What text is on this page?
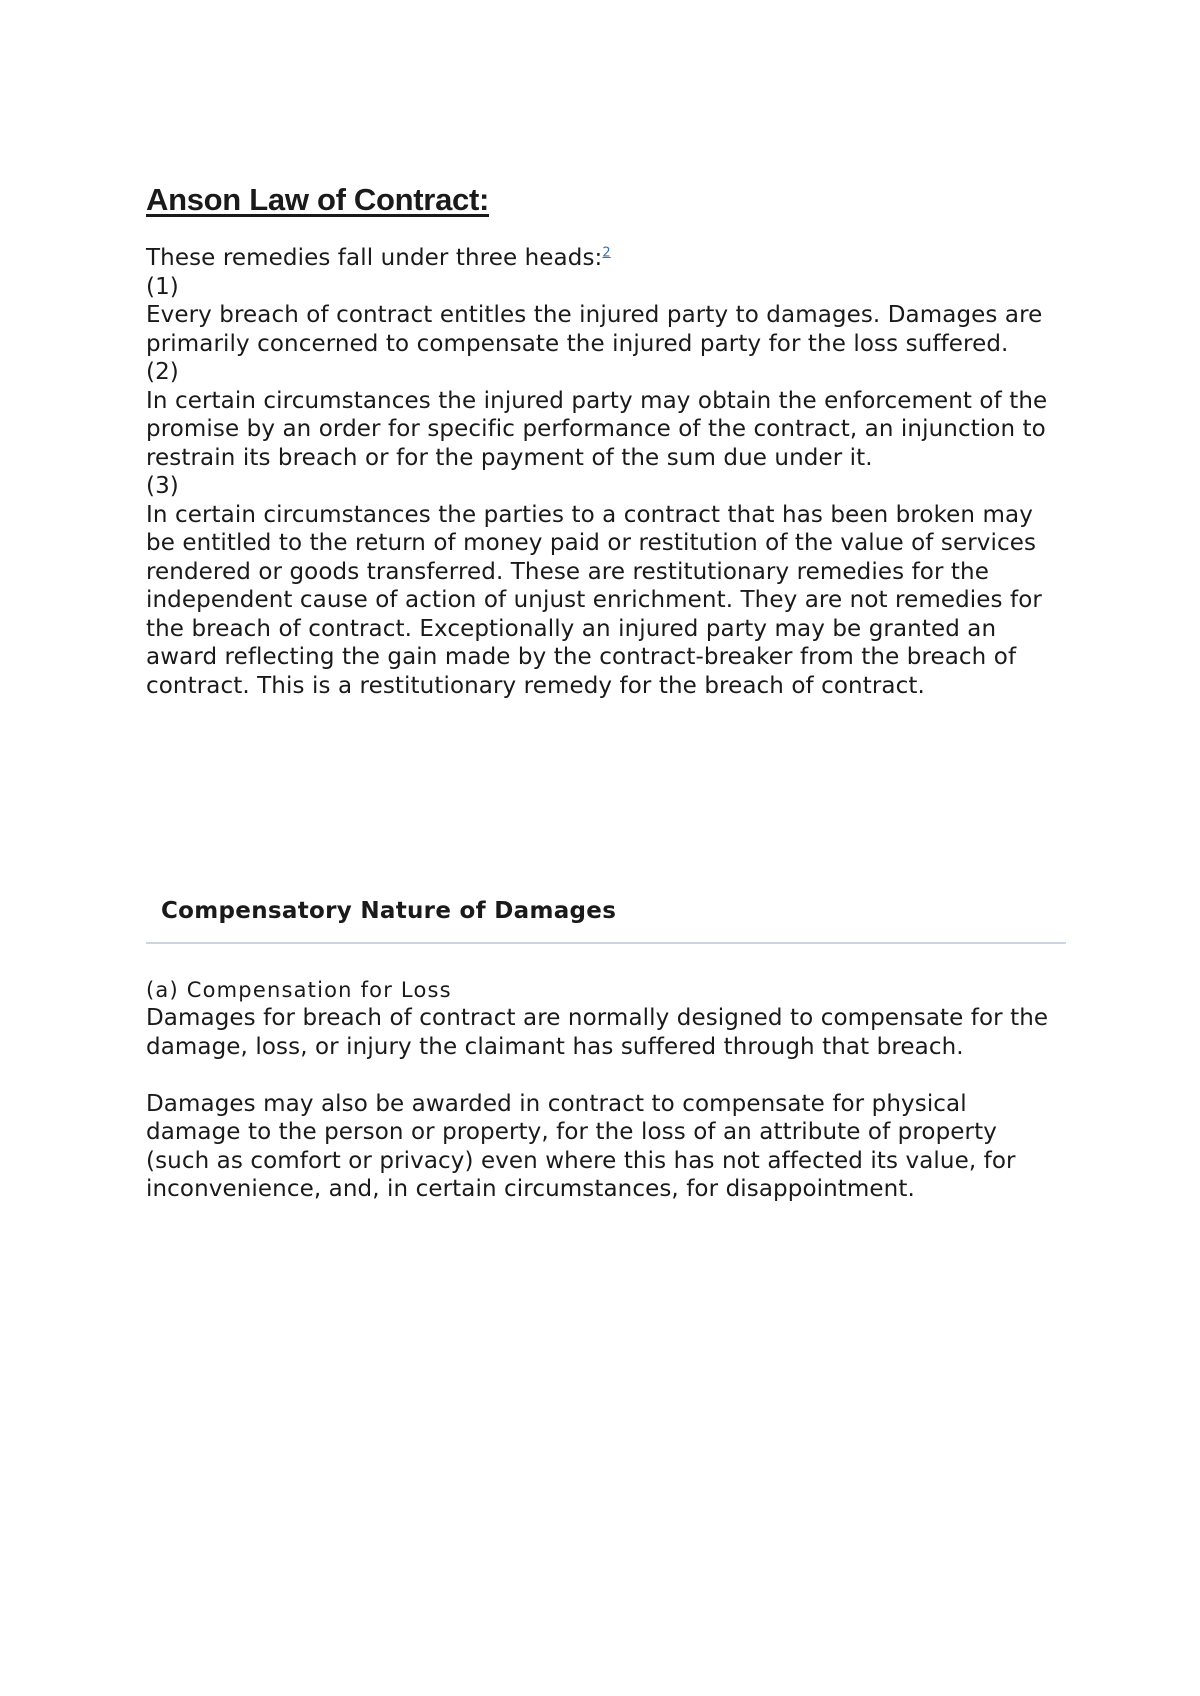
Anson Law of Contract:
These remedies fall under three heads:$^2$

(1)

Every breach of contract entitles the injured party to damages. Damages are primarily concerned to compensate the injured party for the loss suffered.

(2)

In certain circumstances the injured party may obtain the enforcement of the promise by an order for specific performance of the contract, an injunction to restrain its breach or for the payment of the sum due under it.

(3)

In certain circumstances the parties to a contract that has been broken may be entitled to the return of money paid or restitution of the value of services rendered or goods transferred. These are restitutionary remedies for the independent cause of action of unjust enrichment. They are not remedies for the breach of contract. Exceptionally an injured party may be granted an award reflecting the gain made by the contract-breaker from the breach of contract. This is a restitutionary remedy for the breach of contract.

Compensatory Nature of Damages

(a) Compensation for Loss

Damages for breach of contract are normally designed to compensate for the damage, loss, or injury the claimant has suffered through that breach.

Damages may also be awarded in contract to compensate for physical damage to the person or property, for the loss of an attribute of property (such as comfort or privacy) even where this has not affected its value, for inconvenience, and, in certain circumstances, for disappointment.
